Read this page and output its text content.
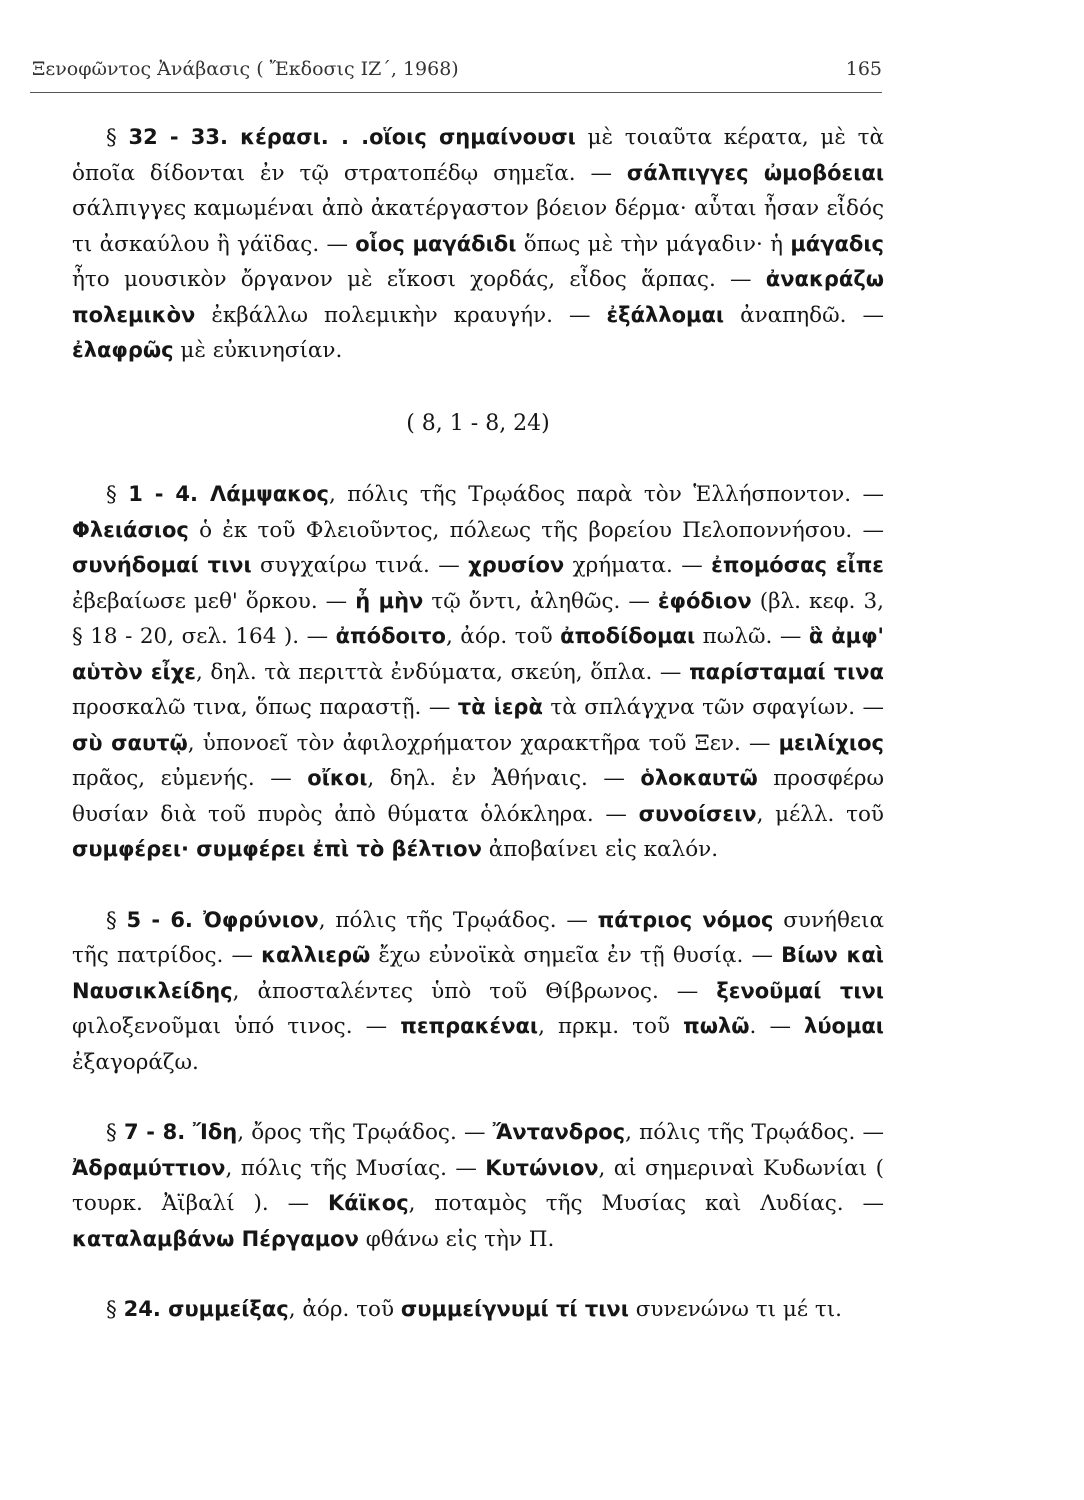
Ξενοφῶντος Ἀνάβασις ( Ἔκδοσις ΙΖ΄, 1968)	165

§ 32 - 33. κέρασι. . .οἵοις σημαίνουσι μὲ τοιαῦτα κέρατα, μὲ τὰ ὁποῖα δίδονται ἐν τῷ στρατοπέδῳ σημεῖα. — σάλπιγγες ὠμοβόειαι σάλπιγγες καμωμέναι ἀπὸ ἀκατέργαστον βόειον δέρμα· αὗται ἦσαν εἶδός τι ἀσκαύλου ἢ γάϊδας. — οἷος μαγάδιδι ὅπως μὲ τὴν μάγαδιν· ἡ μάγαδις ἦτο μουσικὸν ὄργανον μὲ εἴκοσι χορδάς, εἶδος ἅρπας. — ἀνακράζω πολεμικὸν ἐκβάλλω πολεμικὴν κραυγήν. — ἐξάλλομαι ἀναπηδῶ. — ἐλαφρῶς μὲ εὐκινησίαν.

( 8, 1 - 8, 24)

§ 1 - 4. Λάμψακος, πόλις τῆς Τρῳάδος παρὰ τὸν Ἑλλήσποντον. — Φλειάσιος ὁ ἐκ τοῦ Φλειοῦντος, πόλεως τῆς βορείου Πελοποννήσου. — συνήδομαί τινι συγχαίρω τινά. — χρυσίον χρήματα. — ἐπομόσας εἶπε ἐβεβαίωσε μεθ' ὅρκου. — ἦ μὴν τῷ ὄντι, ἀληθῶς. — ἐφόδιον (βλ. κεφ. 3, § 18 - 20, σελ. 164 ). — ἀπόδοιτο, ἀόρ. τοῦ ἀποδίδομαι πωλῶ. — ἃ ἀμφ' αὑτὸν εἶχε, δηλ. τὰ περιττὰ ἐνδύματα, σκεύη, ὅπλα. — παρίσταμαί τινα προσκαλῶ τινα, ὅπως παραστῇ. — τὰ ἱερὰ τὰ σπλάγχνα τῶν σφαγίων. — σὺ σαυτῷ, ὑπονοεῖ τὸν ἀφιλοχρήματον χαρακτῆρα τοῦ Ξεν. — μειλίχιος πρᾶος, εὐμενής. — οἴκοι, δηλ. ἐν Ἀθήναις. — ὁλοκαυτῶ προσφέρω θυσίαν διὰ τοῦ πυρὸς ἀπὸ θύματα ὁλόκληρα. — συνοίσειν, μέλλ. τοῦ συμφέρει· συμφέρει ἐπὶ τὸ βέλτιον ἀποβαίνει εἰς καλόν.

§ 5 - 6. Ὀφρύνιον, πόλις τῆς Τρῳάδος. — πάτριος νόμος συνήθεια τῆς πατρίδος. — καλλιερῶ ἔχω εὐνοϊκὰ σημεῖα ἐν τῇ θυσίᾳ. — Βίων καὶ Ναυσικλείδης, ἀποσταλέντες ὑπὸ τοῦ Θίβρωνος. — ξενοῦμαί τινι φιλοξενοῦμαι ὑπό τινος. — πεπρακέναι, πρκμ. τοῦ πωλῶ. — λύομαι ἐξαγοράζω.

§ 7 - 8. Ἴδη, ὄρος τῆς Τρῳάδος. — Ἄντανδρος, πόλις τῆς Τρῳάδος. — Ἀδραμύττιον, πόλις τῆς Μυσίας. — Κυτώνιον, αἱ σημεριναὶ Κυδωνίαι ( τουρκ. Ἀϊβαλί ). — Κάϊκος, ποταμὸς τῆς Μυσίας καὶ Λυδίας. — καταλαμβάνω Πέργαμον φθάνω εἰς τὴν Π.

§ 24. συμμείξας, ἀόρ. τοῦ συμμείγνυμί τί τινι συνενώνω τι μέ τι.
